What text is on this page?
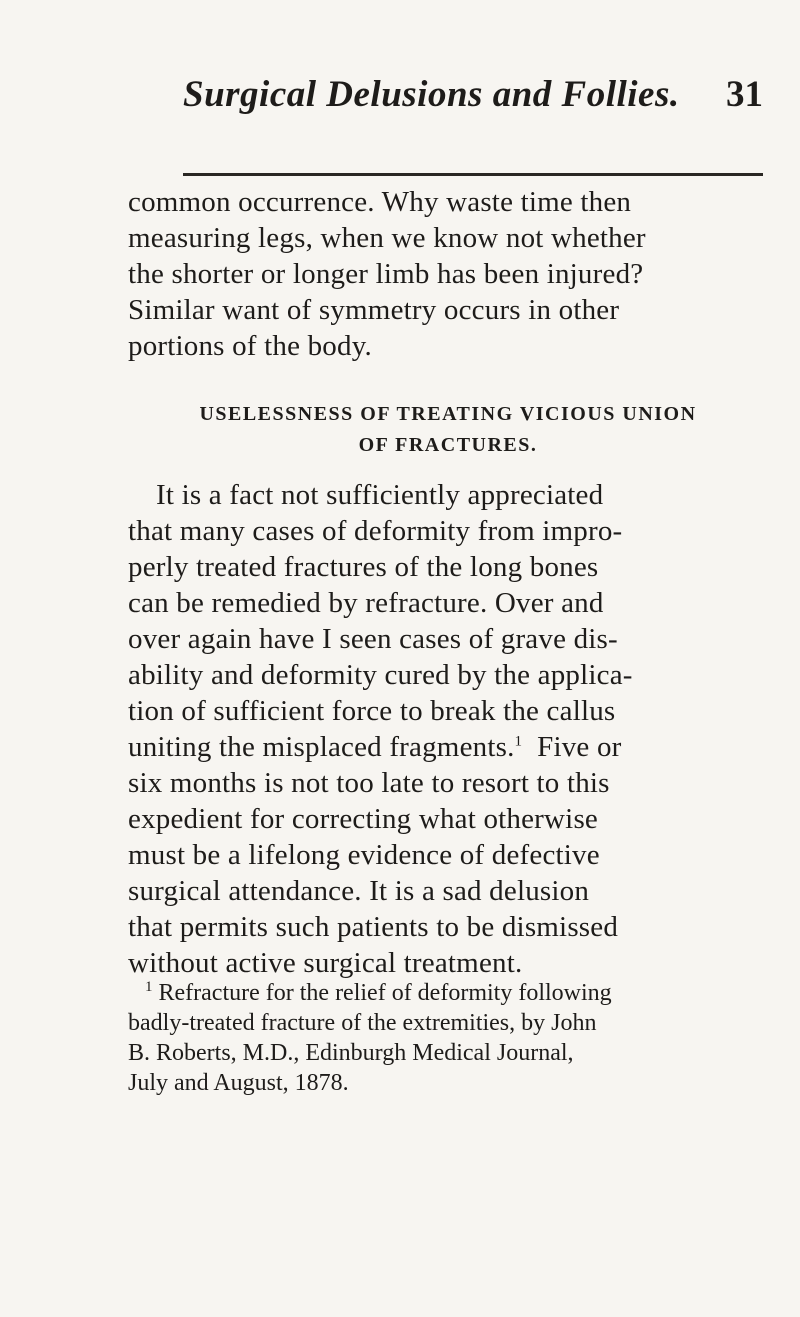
Surgical Delusions and Follies. 31

common occurrence. Why waste time then
measuring legs, when we know not whether
the shorter or longer limb has been injured?
Similar want of symmetry occurs in other
portions of the body.

USELESSNESS OF TREATING VICIOUS UNION
OF FRACTURES.

It is a fact not sufficiently appreciated
that many cases of deformity from impro-
perly treated fractures of the long bones
can be remedied by refracture. Over and
over again have I seen cases of grave dis-
ability and deformity cured by the applica-
tion of sufficient force to break the callus
uniting the misplaced fragments.$^1$ Five or
six months is not too late to resort to this
expedient for correcting what otherwise
must be a lifelong evidence of defective
surgical attendance. It is a sad delusion
that permits such patients to be dismissed
without active surgical treatment.

$^1$ Refracture for the relief of deformity following
badly-treated fracture of the extremities, by John
B. Roberts, M.D., Edinburgh Medical Journal,
July and August, 1878.
